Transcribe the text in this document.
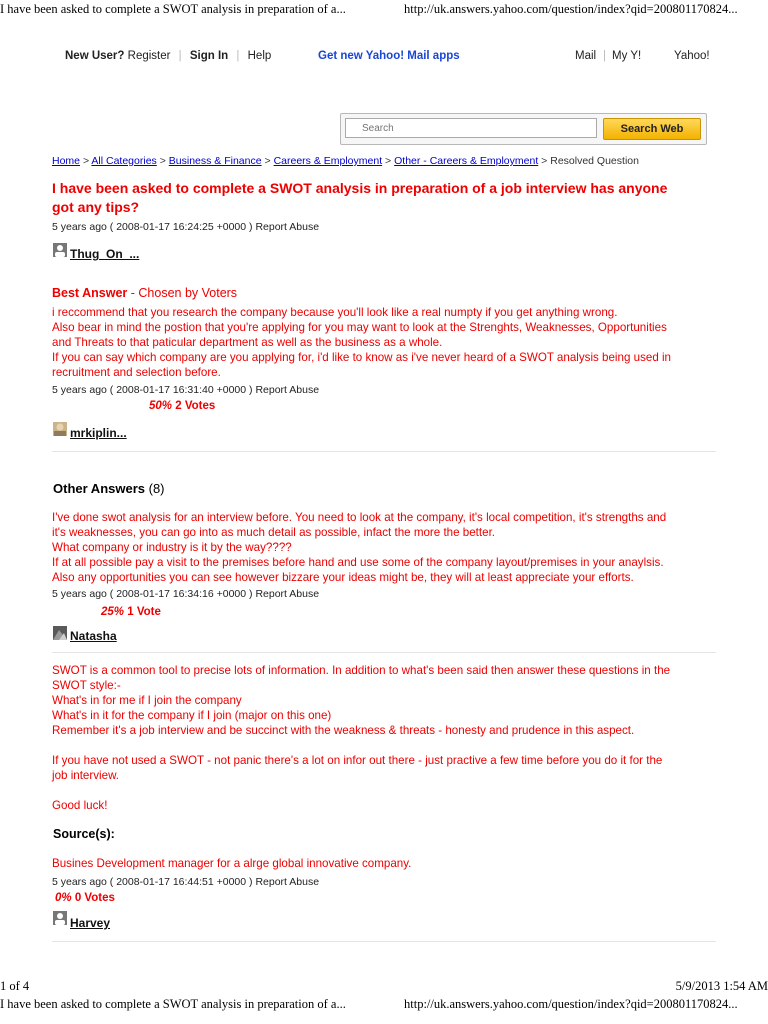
I have been asked to complete a SWOT analysis in preparation of a...	http://uk.answers.yahoo.com/question/index?qid=200801170824...
New User? Register | Sign In | Help	Get new Yahoo! Mail apps	Mail | My Y!	Yahoo!
Search
Search Web
Home > All Categories > Business & Finance > Careers & Employment > Other - Careers & Employment > Resolved Question
I have been asked to complete a SWOT analysis in preparation of a job interview has anyone
got any tips?
5 years ago ( 2008-01-17 16:24:25 +0000 ) Report Abuse
Thug_On_...
Best Answer - Chosen by Voters
i reccommend that you research the company because you'll look like a real numpty if you get anything wrong.
Also bear in mind the postion that you're applying for you may want to look at the Strenghts, Weaknesses, Opportunities
and Threats to that paticular department as well as the business as a whole.
If you can say which company are you applying for, i'd like to know as i've never heard of a SWOT analysis being used in
recruitment and selection before.
5 years ago ( 2008-01-17 16:31:40 +0000 ) Report Abuse
50% 2 Votes
mrkiplin...
Other Answers (8)
I've done swot analysis for an interview before. You need to look at the company, it's local competition, it's strengths and
it's weaknesses, you can go into as much detail as possible, infact the more the better.
What company or industry is it by the way????
If at all possible pay a visit to the premises before hand and use some of the company layout/premises in your anaylsis.
Also any opportunities you can see however bizzare your ideas might be, they will at least appreciate your efforts.
5 years ago ( 2008-01-17 16:34:16 +0000 ) Report Abuse
25% 1 Vote
Natasha
SWOT is a common tool to precise lots of information. In addition to what's been said then answer these questions in the
SWOT style:-
What's in for me if I join the company
What's in it for the company if I join (major on this one)
Remember it's a job interview and be succinct with the weakness & threats - honesty and prudence in this aspect.
If you have not used a SWOT - not panic there's a lot on infor out there - just practive a few time before you do it for the
job interview.
Good luck!
Source(s):
Busines Development manager for a alrge global innovative company.
5 years ago ( 2008-01-17 16:44:51 +0000 ) Report Abuse
0% 0 Votes
Harvey
1 of 4	5/9/2013 1:54 AM
I have been asked to complete a SWOT analysis in preparation of a...	http://uk.answers.yahoo.com/question/index?qid=200801170824...
